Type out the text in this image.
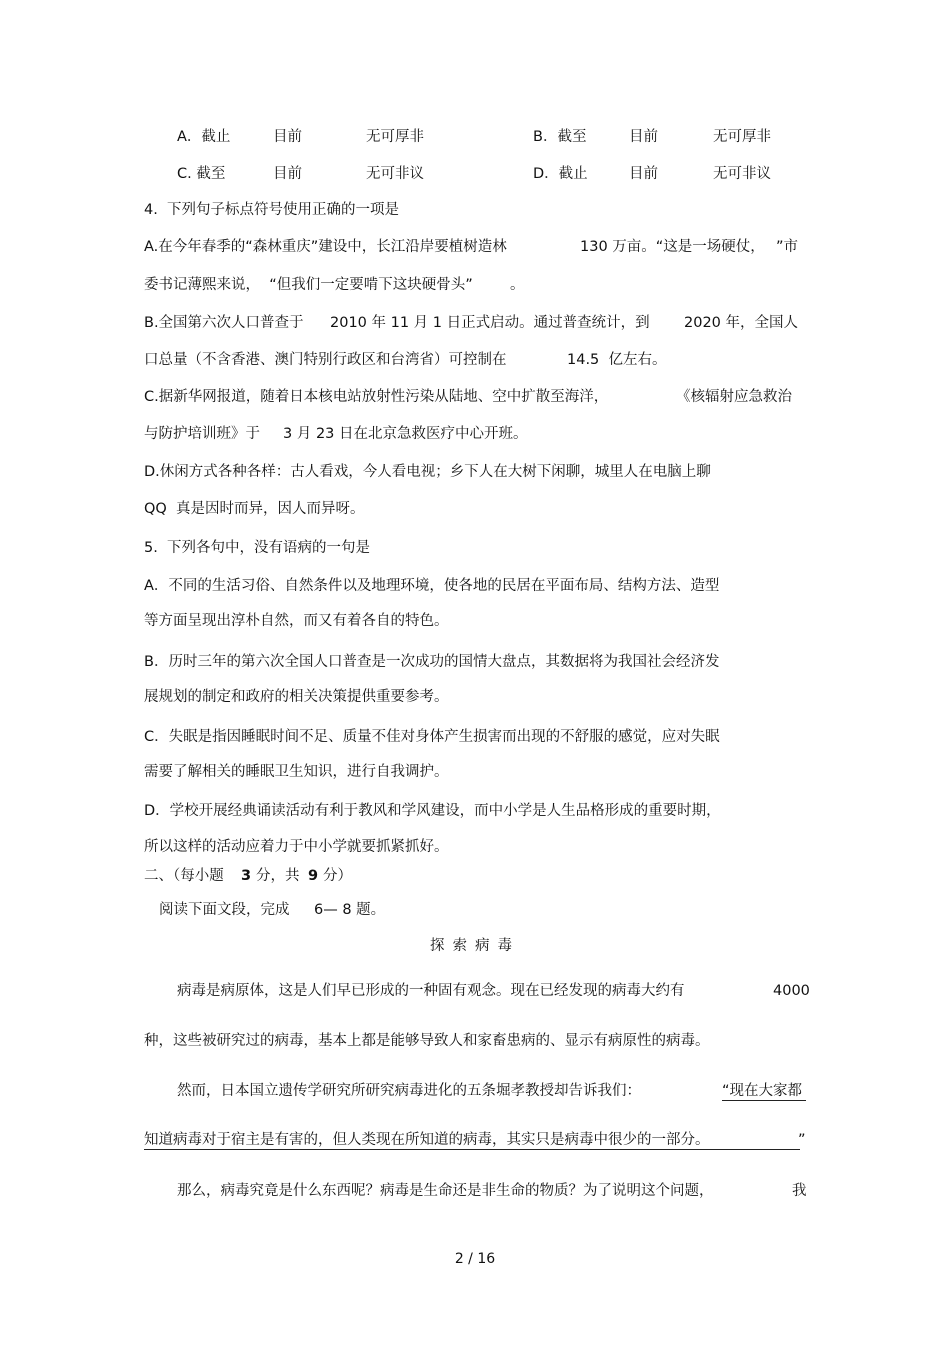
A．截止	目前	无可厚非	B．截至	目前	无可厚非
C. 截至	目前	无可非议	D．截止	目前	无可非议
4.  下列句子标点符号使用正确的一项是
A.在今年春季的“森林重庆”建设中，长江沿岸要植树造林	130 万亩。“这是一场硬仗， ”市
委书记薄熙来说，  “但我们一定要啃下这块硬骨头”	。
B.全国第六次人口普查于 2010 年 11 月 1 日正式启动。通过普查统计，到 2020 年，全国人
口总量（不含香港、澳门特别行政区和台湾省）可控制在	14.5  亿左右。
C.据新华网报道，随着日本核电站放射性污染从陆地、空中扩散至海洋，	《核辐射应急救治
与防护培训班》于 3 月 23 日在北京急救医疗中心开班。
D.休闲方式各种各样：古人看戏，今人看电视；乡下人在大树下闲聊，城里人在电脑上聊
QQ  真是因时而异，因人而异呀。
5.  下列各句中，没有语病的一句是
A．不同的生活习俗、自然条件以及地理环境，使各地的民居在平面布局、结构方法、造型
等方面呈现出淳朴自然，而又有着各自的特色。
B．历时三年的第六次全国人口普查是一次成功的国情大盘点，其数据将为我国社会经济发
展规划的制定和政府的相关决策提供重要参考。
C．失眠是指因睡眠时间不足、质量不佳对身体产生损害而出现的不舒服的感觉，应对失眠
需要了解相关的睡眠卫生知识，进行自我调护。
D．学校开展经典诵读活动有利于教风和学风建设，而中小学是人生品格形成的重要时期，
所以这样的活动应着力于中小学就要抓紧抓好。
二、（每小题 3 分，共 9 分）
阅读下面文段，完成 6— 8 题。
探索病毒
病毒是病原体，这是人们早已形成的一种固有观念。现在已经发现的病毒大约有	4000
种，这些被研究过的病毒，基本上都是能够导致人和家畜患病的、显示有病原性的病毒。
然而，日本国立遗传学研究所研究病毒进化的五条堀孝教授却告诉我们：	“现在大家都
知道病毒对于宿主是有害的，但人类现在所知道的病毒，其实只是病毒中很少的一部分。	”
那么，病毒究竟是什么东西呢？病毒是生命还是非生命的物质？为了说明这个问题，	我
2 / 16
